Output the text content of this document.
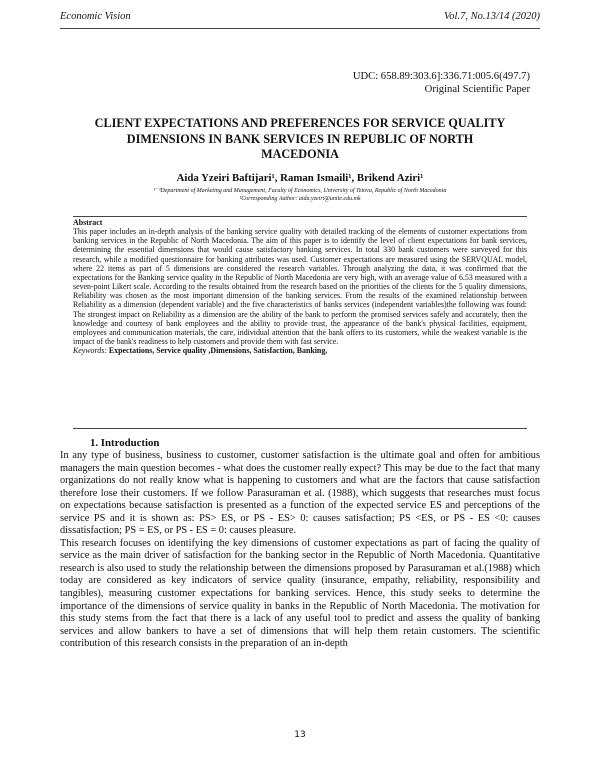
Economic Vision	Vol.7, No.13/14 (2020)
UDC: 658.89:303.6]:336.71:005.6(497.7)
Original Scientific Paper
CLIENT EXPECTATIONS AND PREFERENCES FOR SERVICE QUALITY DIMENSIONS IN BANK SERVICES IN REPUBLIC OF NORTH MACEDONIA
Aida Yzeiri Baftijari¹, Raman Ismaili¹, Brikend Aziri¹
¹⁻³Department of Marketing and Management, Faculty of Economics, University of Tetova, Republic of North Macedonia
¹Corresponding Author: aida.yzeiri@unite.edu.mk
Abstract

This paper includes an in-depth analysis of the banking service quality with detailed tracking of the elements of customer expectations from banking services in the Republic of North Macedonia. The aim of this paper is to identify the level of client expectations for bank services, determining the essential dimensions that would cause satisfactory banking services. In total 330 bank customers were surveyed for this research, while a modified questionnaire for banking attributes was used. Customer expectations are measured using the SERVQUAL model, where 22 items as part of 5 dimensions are considered the research variables. Through analyzing the data, it was confirmed that the expectations for the Banking service quality in the Republic of North Macedonia are very high, with an average value of 6.53 measured with a seven-point Likert scale. According to the results obtained from the research based on the priorities of the clients for the 5 quality dimensions, Reliability was chosen as the most important dimension of the banking services. From the results of the examined relationship between Reliability as a dimension (dependent variable) and the five characteristics of banks services (independent variables)the following was found: The strongest impact on Reliability as a dimension are the ability of the bank to perform the promised services safely and accurately, then the knowledge and courtesy of bank employees and the ability to provide trust, the appearance of the bank's physical facilities, equipment, employees and communication materials, the care, individual attention that the bank offers to its customers, while the weakest variable is the impact of the bank's readiness to help customers and provide them with fast service.

Keywords: Expectations, Service quality ,Dimensions, Satisfaction, Banking,
1. Introduction

In any type of business, business to customer, customer satisfaction is the ultimate goal and often for ambitious managers the main question becomes - what does the customer really expect? This may be due to the fact that many organizations do not really know what is happening to customers and what are the factors that cause satisfaction therefore lose their customers. If we follow Parasuraman et al. (1988), which suggests that researches must focus on expectations because satisfaction is presented as a function of the expected service ES and perceptions of the service PS and it is shown as: PS> ES, or PS - ES> 0: causes satisfaction; PS <ES, or PS - ES <0: causes dissatisfaction; PS = ES, or PS - ES = 0: causes pleasure.

This research focuses on identifying the key dimensions of customer expectations as part of facing the quality of service as the main driver of satisfaction for the banking sector in the Republic of North Macedonia. Quantitative research is also used to study the relationship between the dimensions proposed by Parasuraman et al.(1988) which today are considered as key indicators of service quality (insurance, empathy, reliability, responsibility and tangibles), measuring customer expectations for banking services. Hence, this study seeks to determine the importance of the dimensions of service quality in banks in the Republic of North Macedonia. The motivation for this study stems from the fact that there is a lack of any useful tool to predict and assess the quality of banking services and allow bankers to have a set of dimensions that will help them retain customers. The scientific contribution of this research consists in the preparation of an in-depth

13
